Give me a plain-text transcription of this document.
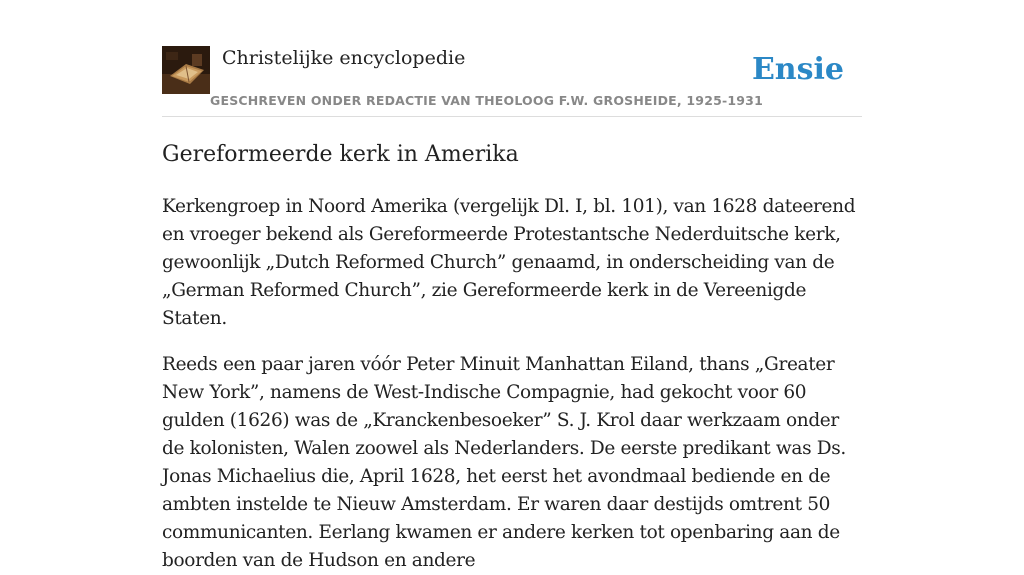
Christelijke encyclopedie
GESCHREVEN ONDER REDACTIE VAN THEOLOOG F.W. GROSHEIDE, 1925-1931
Ensie
Gereformeerde kerk in Amerika

Kerkengroep in Noord Amerika (vergelijk Dl. I, bl. 101), van 1628 dateerend en vroeger bekend als Gereformeerde Protestantsche Nederduitsche kerk, gewoonlijk „Dutch Reformed Church” genaamd, in onderscheiding van de „German Reformed Church”, zie Gereformeerde kerk in de Vereenigde Staten.

Reeds een paar jaren vóór Peter Minuit Manhattan Eiland, thans „Greater New York”, namens de West-Indische Compagnie, had gekocht voor 60 gulden (1626) was de „Kranckenbesoeker” S. J. Krol daar werkzaam onder de kolonisten, Walen zoowel als Nederlanders. De eerste predikant was Ds. Jonas Michaelius die, April 1628, het eerst het avondmaal bediende en de ambten instelde te Nieuw Amsterdam. Er waren daar destijds omtrent 50 communicanten. Eerlang kwamen er andere kerken tot openbaring aan de boorden van de Hudson en andere
